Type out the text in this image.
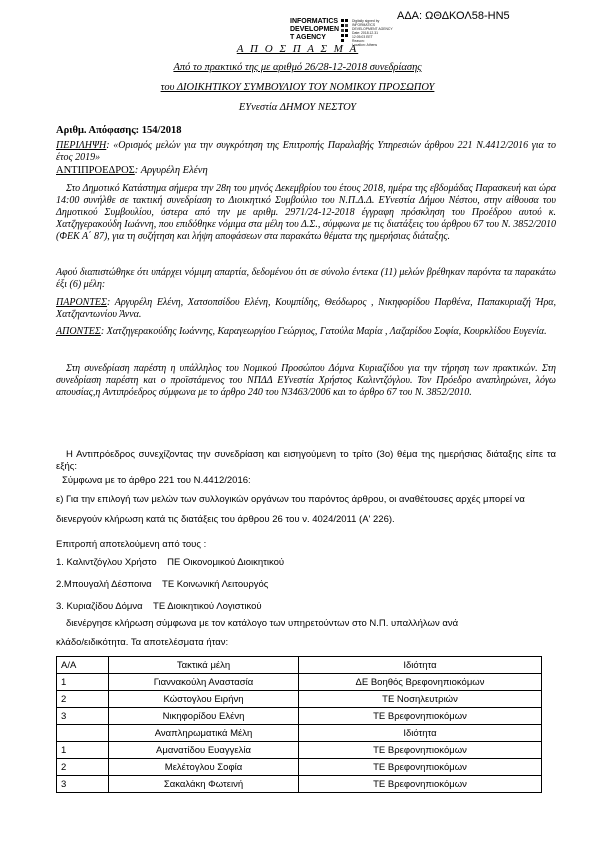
ΑΔΑ: ΩΘΔΚΟΛ58-ΗΝ5
INFORMATICS
DEVELOPMEN
T AGENCY
Digitally signed by
INFORMATICS
DEVELOPMENT AGENCY
Date: 2018.12.31
12:05:03 EET
Reason:
Location: Athens
Α Π Ο Σ Π Α Σ Μ Α
Από το πρακτικό της με αριθμό 26/28-12-2018 συνεδρίασης
του ΔΙΟΙΚΗΤΙΚΟΥ ΣΥΜΒΟΥΛΙΟΥ ΤΟΥ ΝΟΜΙΚΟΥ ΠΡΟΣΩΠΟΥ
ΕΥνεστία ΔΗΜΟΥ ΝΕΣΤΟΥ
Αριθμ. Απόφασης: 154/2018
ΠΕΡΙΛΗΨΗ: «Ορισμός μελών για την συγκρότηση της Επιτροπής Παραλαβής Υπηρεσιών άρθρου 221 Ν.4412/2016 για το έτος 2019»
ΑΝΤΙΠΡΟΕΔΡΟΣ: Αργυρέλη Ελένη
Στο Δημοτικό Κατάστημα σήμερα την 28η του μηνός Δεκεμβρίου του έτους 2018, ημέρα της εβδομάδας Παρασκευή και ώρα 14:00 συνήλθε σε τακτική συνεδρίαση το Διοικητικό Συμβούλιο του Ν.Π.Δ.Δ. ΕΥνεστία Δήμου Νέστου, στην αίθουσα του Δημοτικού Συμβουλίου, ύστερα από την με αριθμ. 2971/24-12-2018 έγγραφη πρόσκληση του Προέδρου αυτού κ. Χατζηγερακούδη Ιωάννη, που επιδόθηκε νόμιμα στα μέλη του Δ.Σ., σύμφωνα με τις διατάξεις του άρθρου 67 του Ν. 3852/2010 (ΦΕΚ Α΄ 87), για τη συζήτηση και λήψη αποφάσεων στα παρακάτω θέματα της ημερήσιας διάταξης.
Αφού διαπιστώθηκε ότι υπάρχει νόμιμη απαρτία, δεδομένου ότι σε σύνολο έντεκα (11) μελών βρέθηκαν παρόντα τα παρακάτω έξι (6) μέλη:
ΠΑΡΟΝΤΕΣ: Αργυρέλη Ελένη, Χατσοπσίδου Ελένη, Κουμπίδης, Θεόδωρος , Νικηφορίδου Παρθένα, Παπακυριαζή Ήρα, Χατζηαντωνίου Άννα.
ΑΠΟΝΤΕΣ: Χατζηγερακούδης Ιωάννης, Καραγεωργίου Γεώργιος, Γατούλα Μαρία , Λαζαρίδου Σοφία, Κουρκλίδου Ευγενία.
Στη συνεδρίαση παρέστη η υπάλληλος του Νομικού Προσώπου Δόμνα Κυριαζίδου για την τήρηση των πρακτικών. Στη συνεδρίαση παρέστη και ο προϊστάμενος του ΝΠΔΔ ΕΥνεστία Χρήστος Καλιντζόγλου. Τον Πρόεδρο αναπληρώνει, λόγω απουσίας,η Αντιπρόεδρος σύμφωνα με το άρθρο 240 του Ν3463/2006 και το άρθρο 67 του Ν. 3852/2010.
Η Αντιπρόεδρος συνεχίζοντας την συνεδρίαση και εισηγούμενη το τρίτο (3ο) θέμα της ημερήσιας διάταξης είπε τα εξής:
Σύμφωνα με το άρθρο 221 του Ν.4412/2016:
ε) Για την επιλογή των μελών των συλλογικών οργάνων του παρόντος άρθρου, οι αναθέτουσες αρχές μπορεί να διενεργούν κλήρωση κατά τις διατάξεις του άρθρου 26 του ν. 4024/2011 (Α' 226).
Επιτροπή αποτελούμενη από τους :
1. Καλιντζόγλου Χρήστο    ΠΕ Οικονομικού Διοικητικού
2.Μπουγαλή Δέσποινα    ΤΕ Κοινωνική Λειτουργός
3. Κυριαζίδου Δόμνα    ΤΕ Διοικητικού Λογιστικού
διενέργησε κλήρωση σύμφωνα με τον κατάλογο των υπηρετούντων στο Ν.Π. υπαλλήλων ανά
κλάδο/ειδικότητα. Τα αποτελέσματα ήταν:
Α/Α	Τακτικά μέλη	Ιδιότητα
1	Γιαννακούλη Αναστασία	ΔΕ Βοηθός Βρεφονηπιοκόμων
2	Κώστογλου Ειρήνη	ΤΕ Νοσηλευτριών
3	Νικηφορίδου Ελένη	ΤΕ Βρεφονηπιοκόμων
	Αναπληρωματικά Μέλη	Ιδιότητα
1	Αμανατίδου Ευαγγελία	ΤΕ Βρεφονηπιοκόμων
2	Μελέτογλου Σοφία	ΤΕ Βρεφονηπιοκόμων
3	Σακαλάκη Φωτεινή	ΤΕ Βρεφονηπιοκόμων
